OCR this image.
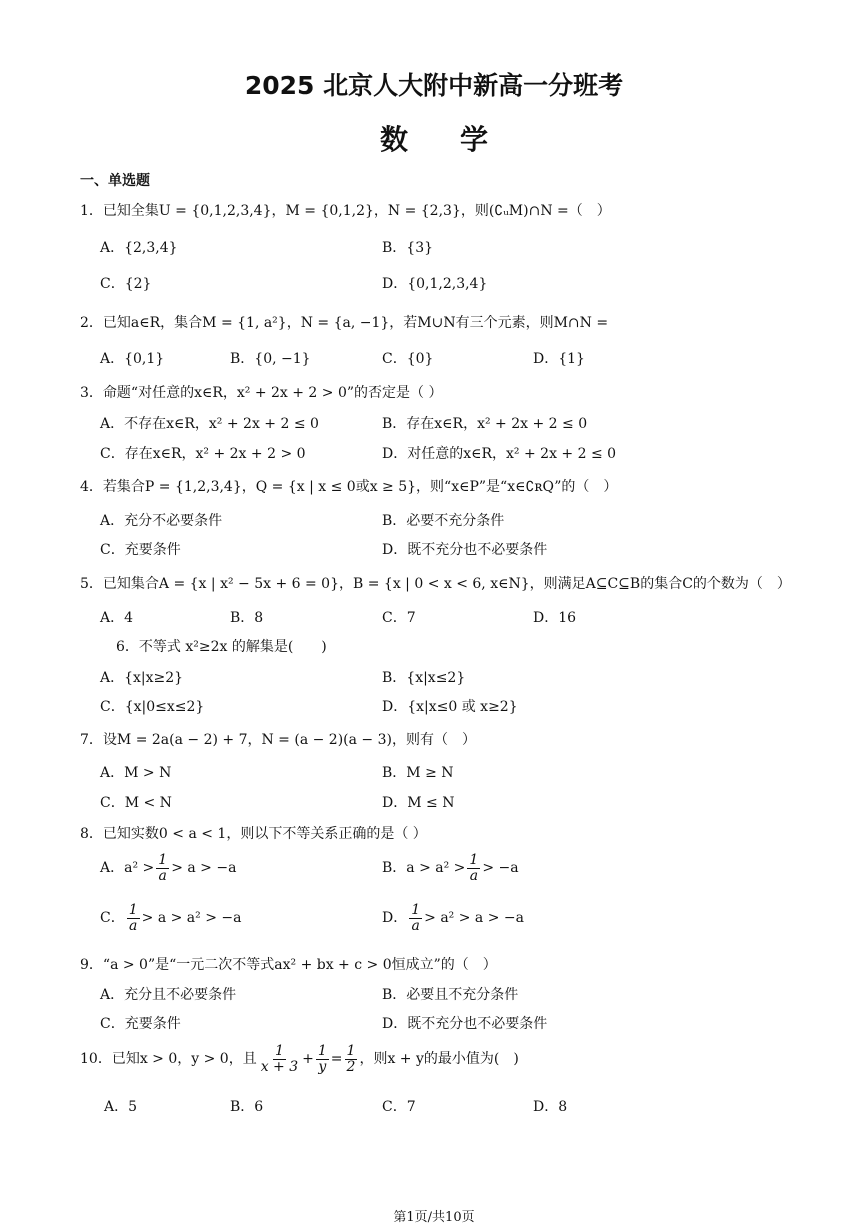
2025 北京人大附中新高一分班考
数学
一、单选题
1．已知全集U = {0,1,2,3,4}，M = {0,1,2}，N = {2,3}，则(∁ᵤM)∩N =（　）
A．{2,3,4}	B．{3}
C．{2}	D．{0,1,2,3,4}
2．已知a∈R，集合M = {1, a²}，N = {a, −1}，若M∪N有三个元素，则M∩N =
A．{0,1}	B．{0, −1}	C．{0}	D．{1}
3．命题“对任意的x∈R，x² + 2x + 2 > 0”的否定是（ ）
A．不存在x∈R，x² + 2x + 2 ≤ 0	B．存在x∈R，x² + 2x + 2 ≤ 0
C．存在x∈R，x² + 2x + 2 > 0	D．对任意的x∈R，x² + 2x + 2 ≤ 0
4．若集合P = {1,2,3,4}，Q = {x | x ≤ 0或x ≥ 5}，则“x∈P”是“x∈∁ʀQ”的（　）
A．充分不必要条件	B．必要不充分条件
C．充要条件	D．既不充分也不必要条件
5．已知集合A = {x | x² − 5x + 6 = 0}，B = {x | 0 < x < 6, x∈N}，则满足A⊆C⊆B的集合C的个数为（　）
A．4	B．8	C．7	D．16
6．不等式 x²≥2x 的解集是(　　)
A．{x|x≥2}	B．{x|x≤2}
C．{x|0≤x≤2}	D．{x|x≤0 或 x≥2}
7．设M = 2a(a − 2) + 7，N = (a − 2)(a − 3)，则有（　）
A．M > N	B．M ≥ N
C．M < N	D．M ≤ N
8．已知实数0 < a < 1，则以下不等关系正确的是（ ）
A．$a^2 > \frac{1}{a} > a > -a$	B．$a > a^2 > \frac{1}{a} > -a$
C． $\frac{1}{a} > a > a^2 > -a$	D． $\frac{1}{a} > a^2 > a > -a$
9．“a > 0”是“一元二次不等式ax² + bx + c > 0恒成立”的（　）
A．充分且不必要条件	B．必要且不充分条件
C．充要条件	D．既不充分也不必要条件
10．已知x > 0，y > 0，且 $\frac{1}{x + 3} + \frac{1}{y} = \frac{1}{2}$ ，则x + y的最小值为(　)
A．5	B．6	C．7	D．8
第1页/共10页
